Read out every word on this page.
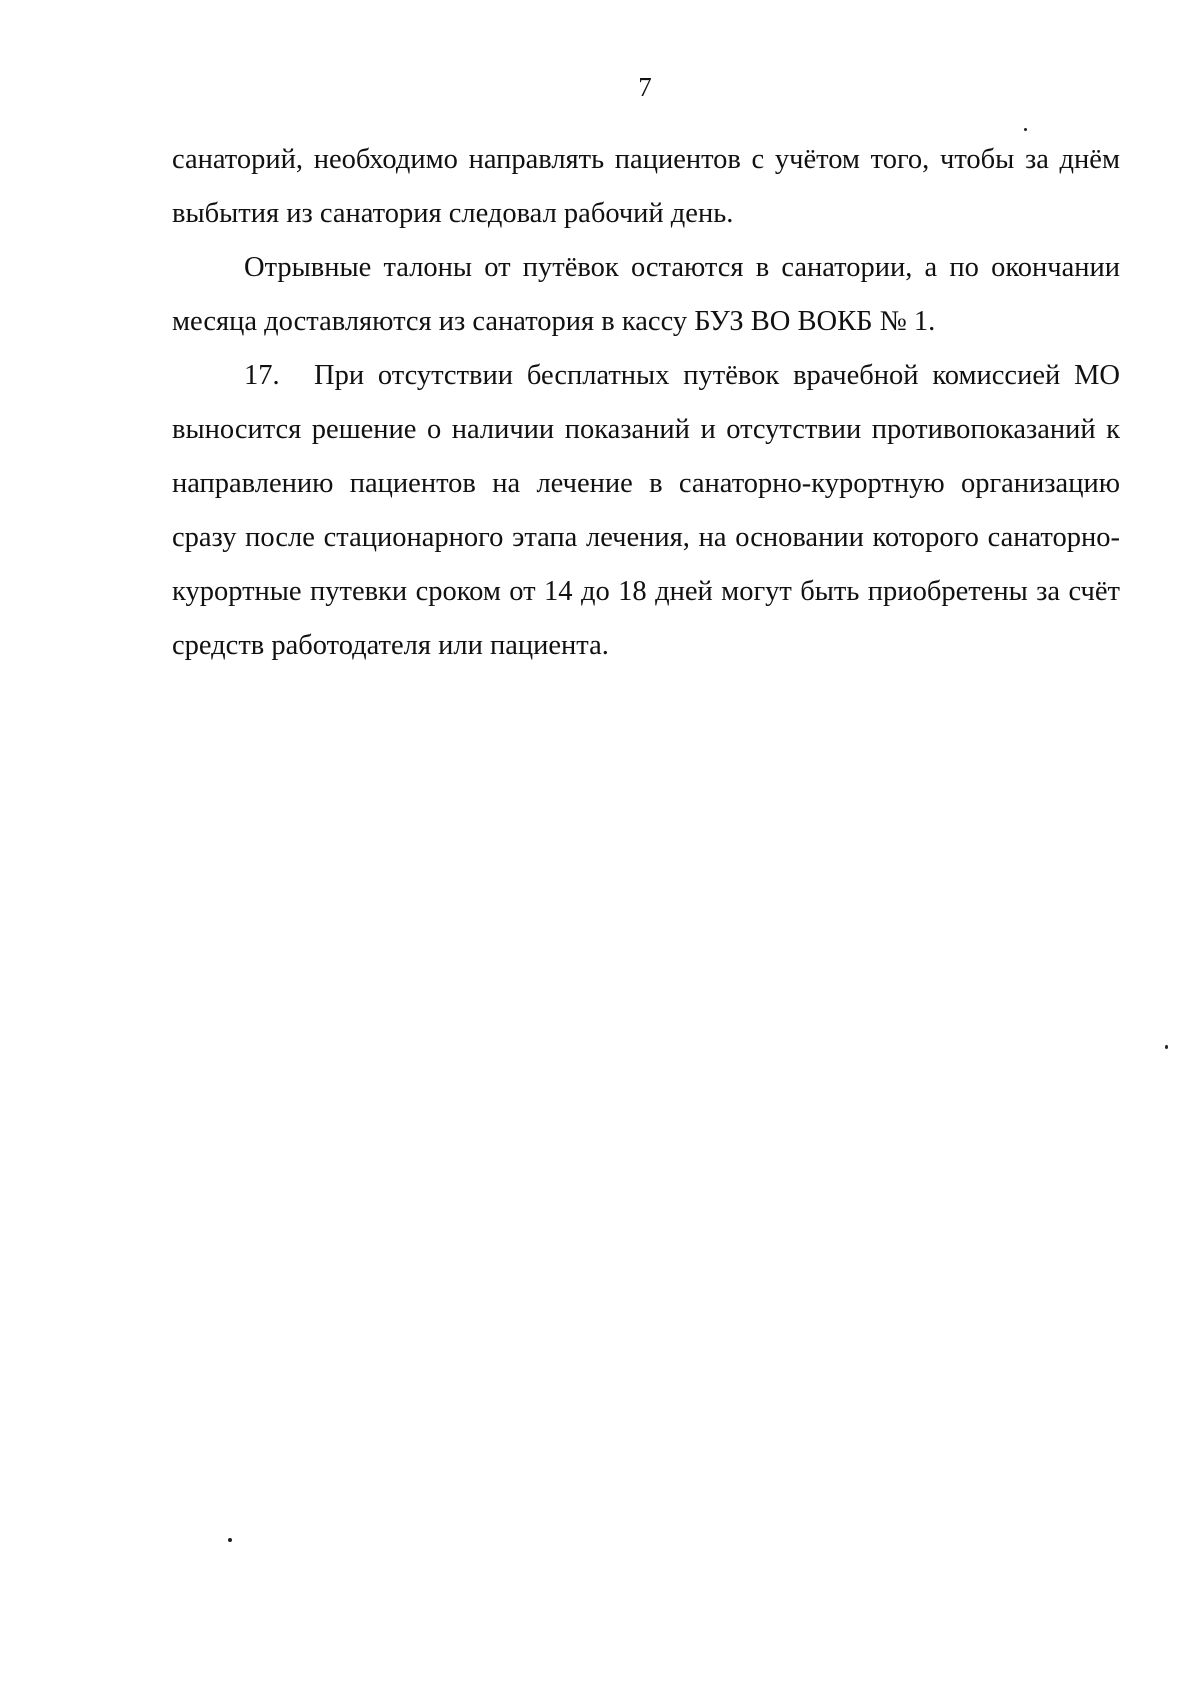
7

санаторий, необходимо направлять пациентов с учётом того, чтобы за днём выбытия из санатория следовал рабочий день.

Отрывные талоны от путёвок остаются в санатории, а по окончании месяца доставляются из санатория в кассу БУЗ ВО ВОКБ № 1.

17. При отсутствии бесплатных путёвок врачебной комиссией МО выносится решение о наличии показаний и отсутствии противопоказаний к направлению пациентов на лечение в санаторно-курортную организацию сразу после стационарного этапа лечения, на основании которого санаторно-курортные путевки сроком от 14 до 18 дней могут быть приобретены за счёт средств работодателя или пациента.
